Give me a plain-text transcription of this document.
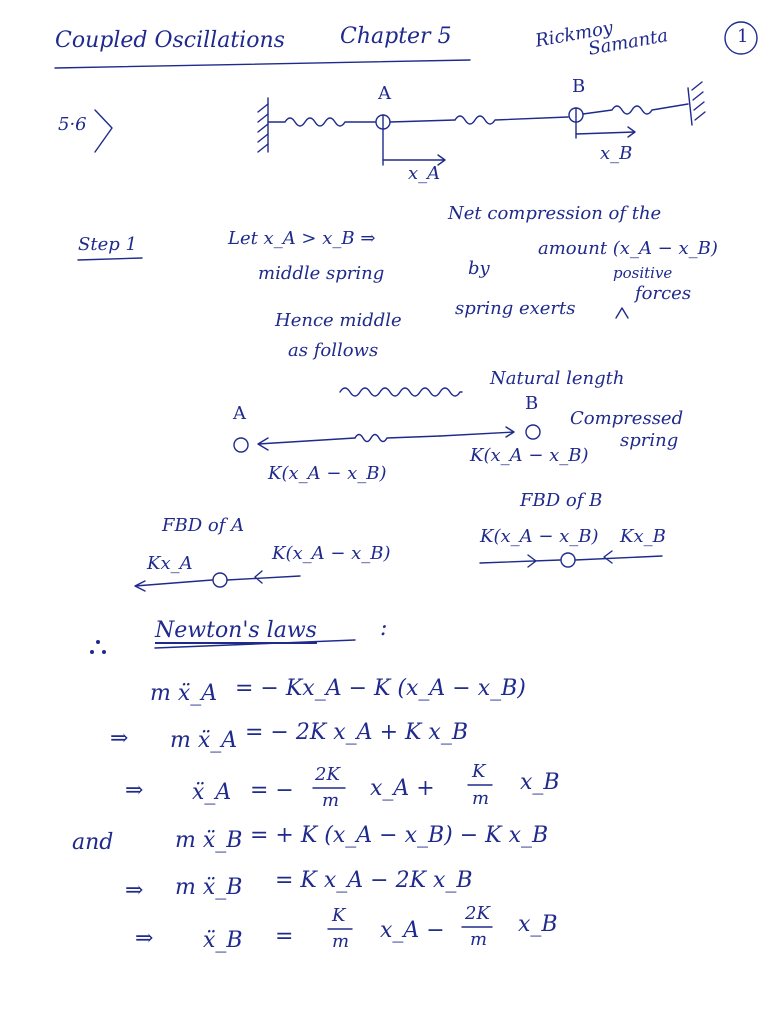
Coupled Oscillations	Chapter 5	Rickmoy
Samanta	1
5·6
A	B
x_A
x_B
Step 1	Let x_A > x_B ⇒
Net compression of the
middle spring	by
amount (x_A − x_B)
positive
Hence middle
spring exerts
forces
as follows
Natural length
A	B
Compressed
spring
K(x_A − x_B)
K(x_A − x_B)
FBD of B
FBD of A
K(x_A − x_B) Kx_B
Kx_A	K(x_A − x_B)
Newton's laws	:
m ẍ_A = − Kx_A − K (x_A − x_B)
⇒ m ẍ_A = − 2K x_A + K x_B
⇒ ẍ_A = −
2K
m x_A +
K
m
x_B
and	m ẍ_B = + K (x_A − x_B) − K x_B
⇒ m ẍ_B = K x_A − 2K x_B
⇒ ẍ_B =
K
m x_A −
2K
m
x_B
